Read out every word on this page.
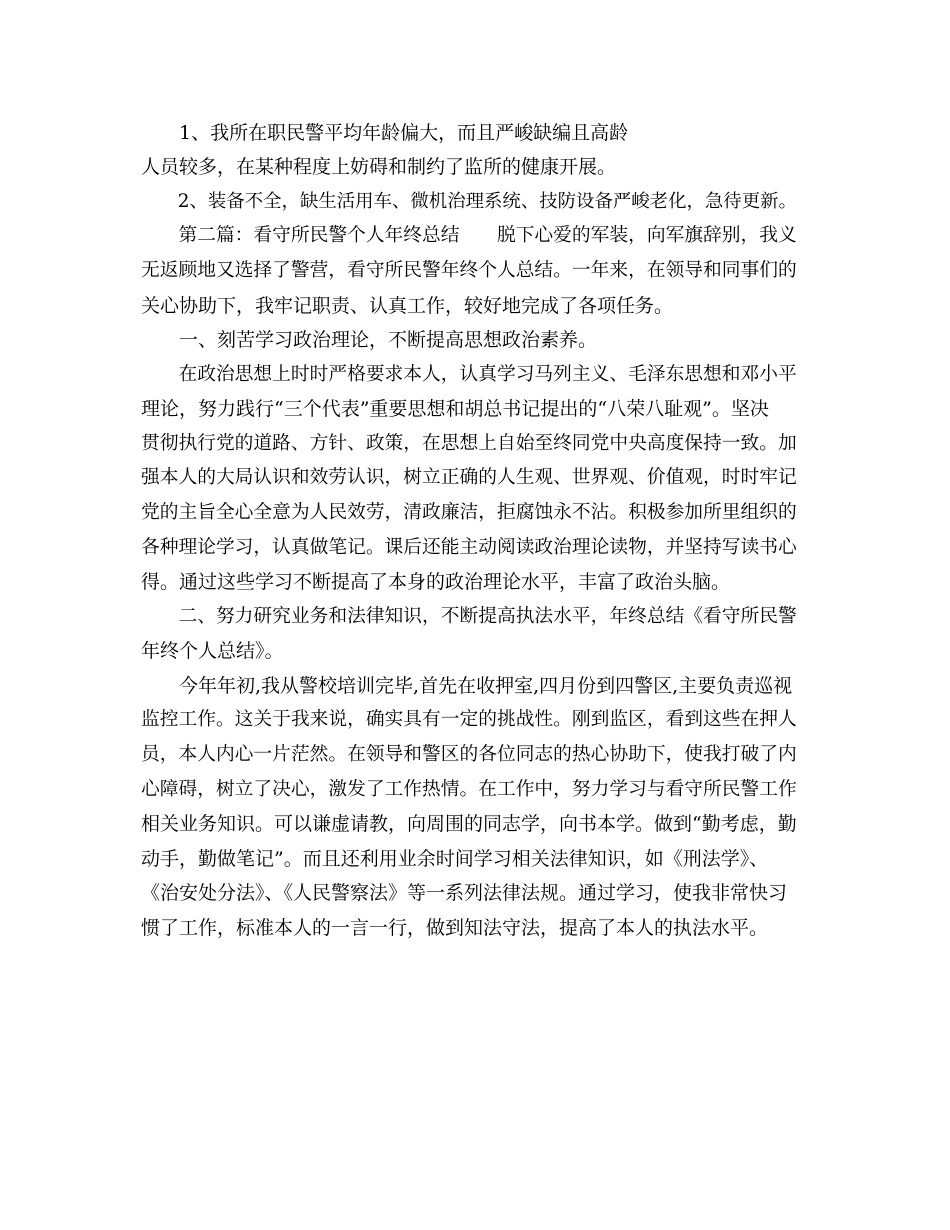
　　1、我所在职民警平均年龄偏大，而且严峻缺编且高龄
人员较多，在某种程度上妨碍和制约了监所的健康开展。
　　2、装备不全，缺生活用车、微机治理系统、技防设备严峻老化，急待更新。
　　第二篇：看守所民警个人年终总结　　脱下心爱的军装，向军旗辞别，我义
无返顾地又选择了警营，看守所民警年终个人总结。一年来，在领导和同事们的
关心协助下，我牢记职责、认真工作，较好地完成了各项任务。
　　一、刻苦学习政治理论，不断提高思想政治素养。
　　在政治思想上时时严格要求本人，认真学习马列主义、毛泽东思想和邓小平
理论，努力践行“三个代表”重要思想和胡总书记提出的“八荣八耻观”。坚决
贯彻执行党的道路、方针、政策，在思想上自始至终同党中央高度保持一致。加
强本人的大局认识和效劳认识，树立正确的人生观、世界观、价值观，时时牢记
党的主旨全心全意为人民效劳，清政廉洁，拒腐蚀永不沾。积极参加所里组织的
各种理论学习，认真做笔记。课后还能主动阅读政治理论读物，并坚持写读书心
得。通过这些学习不断提高了本身的政治理论水平，丰富了政治头脑。
　　二、努力研究业务和法律知识，不断提高执法水平，年终总结《看守所民警
年终个人总结》。
　　今年年初,我从警校培训完毕,首先在收押室,四月份到四警区,主要负责巡视
监控工作。这关于我来说，确实具有一定的挑战性。刚到监区，看到这些在押人
员，本人内心一片茫然。在领导和警区的各位同志的热心协助下，使我打破了内
心障碍，树立了决心，激发了工作热情。在工作中，努力学习与看守所民警工作
相关业务知识。可以谦虚请教，向周围的同志学，向书本学。做到“勤考虑，勤
动手，勤做笔记”。而且还利用业余时间学习相关法律知识，如《刑法学》、
《治安处分法》、《人民警察法》等一系列法律法规。通过学习，使我非常快习
惯了工作，标准本人的一言一行，做到知法守法，提高了本人的执法水平。
